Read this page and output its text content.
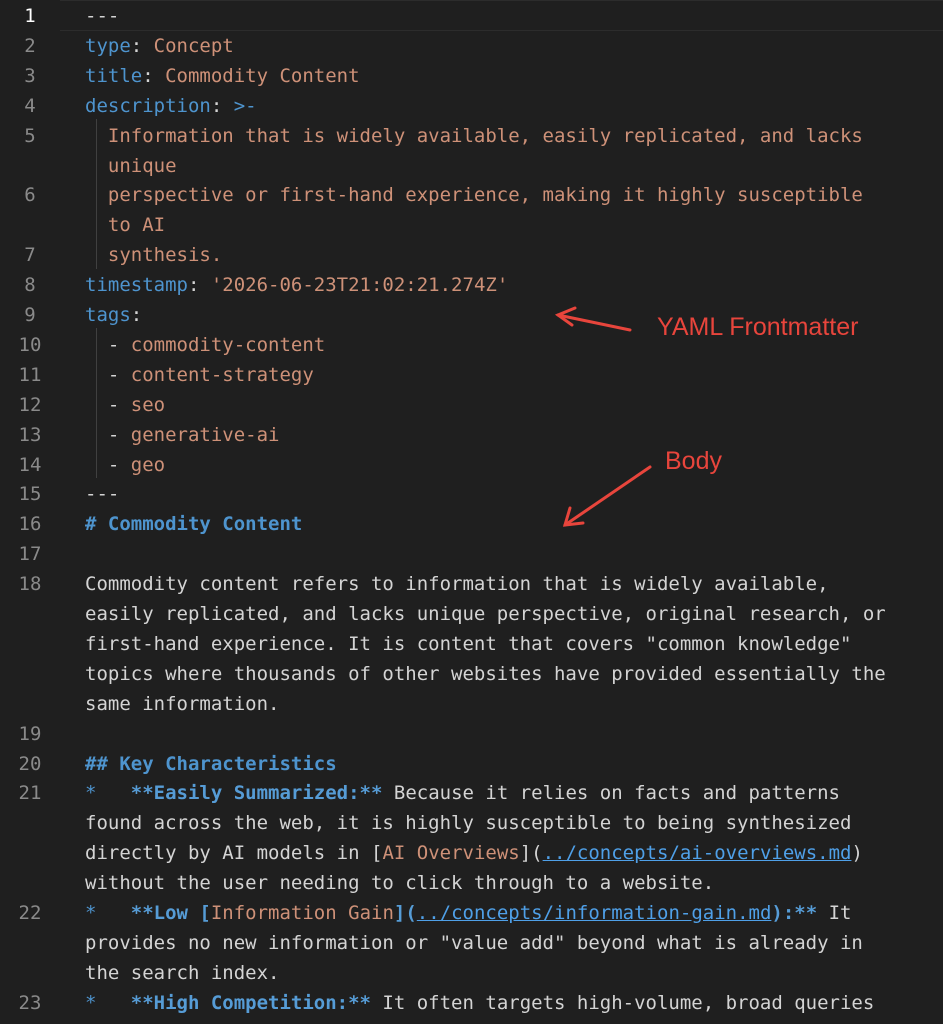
1	---
2	type: Concept
3	title: Commodity Content
4	description: >-
5	Information that is widely available, easily replicated, and lacks
unique
6	perspective or first-hand experience, making it highly susceptible
to AI
7	synthesis.
8	timestamp: '2026-06-23T21:02:21.274Z'
9	tags:
10	- commodity-content
11	- content-strategy
12	- seo
13	- generative-ai
14	- geo
15	---
16	# Commodity Content
17
18	Commodity content refers to information that is widely available,
easily replicated, and lacks unique perspective, original research, or
first-hand experience. It is content that covers "common knowledge"
topics where thousands of other websites have provided essentially the
same information.
19
20	## Key Characteristics
21	*   **Easily Summarized:** Because it relies on facts and patterns
found across the web, it is highly susceptible to being synthesized
directly by AI models in [AI Overviews](../concepts/ai-overviews.md)
without the user needing to click through to a website.
22	*   **Low [Information Gain](../concepts/information-gain.md):** It
provides no new information or "value add" beyond what is already in
the search index.
23	*   **High Competition:** It often targets high-volume, broad queries
YAML Frontmatter
Body
